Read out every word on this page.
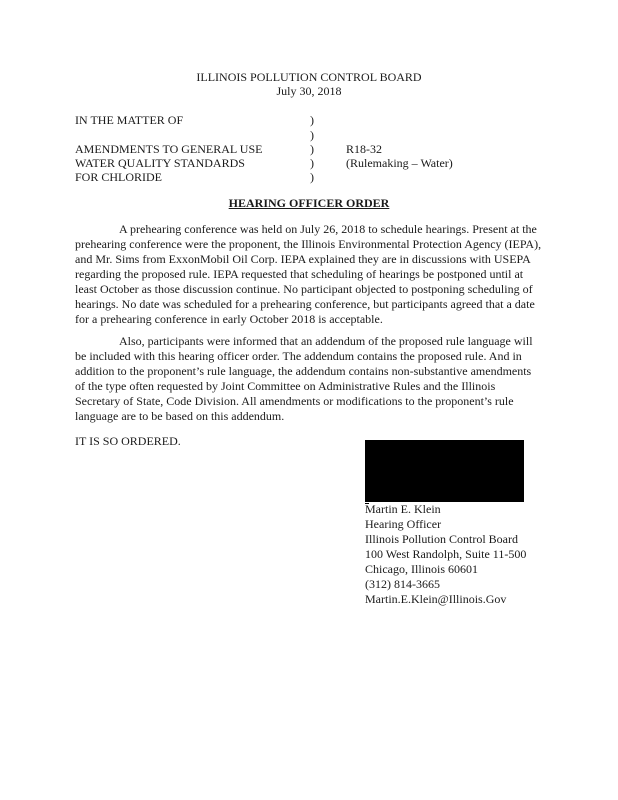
ILLINOIS POLLUTION CONTROL BOARD
July 30, 2018
IN THE MATTER OF
AMENDMENTS TO GENERAL USE
WATER QUALITY STANDARDS
FOR CHLORIDE
)
)
)
)
)
R18-32
(Rulemaking – Water)
HEARING OFFICER ORDER
A prehearing conference was held on July 26, 2018 to schedule hearings. Present at the prehearing conference were the proponent, the Illinois Environmental Protection Agency (IEPA), and Mr. Sims from ExxonMobil Oil Corp. IEPA explained they are in discussions with USEPA regarding the proposed rule. IEPA requested that scheduling of hearings be postponed until at least October as those discussion continue. No participant objected to postponing scheduling of hearings. No date was scheduled for a prehearing conference, but participants agreed that a date for a prehearing conference in early October 2018 is acceptable.
Also, participants were informed that an addendum of the proposed rule language will be included with this hearing officer order. The addendum contains the proposed rule. And in addition to the proponent’s rule language, the addendum contains non-substantive amendments of the type often requested by Joint Committee on Administrative Rules and the Illinois Secretary of State, Code Division. All amendments or modifications to the proponent’s rule language are to be based on this addendum.
IT IS SO ORDERED.
Martin E. Klein
Hearing Officer
Illinois Pollution Control Board
100 West Randolph, Suite 11-500
Chicago, Illinois 60601
(312) 814-3665
Martin.E.Klein@Illinois.Gov
